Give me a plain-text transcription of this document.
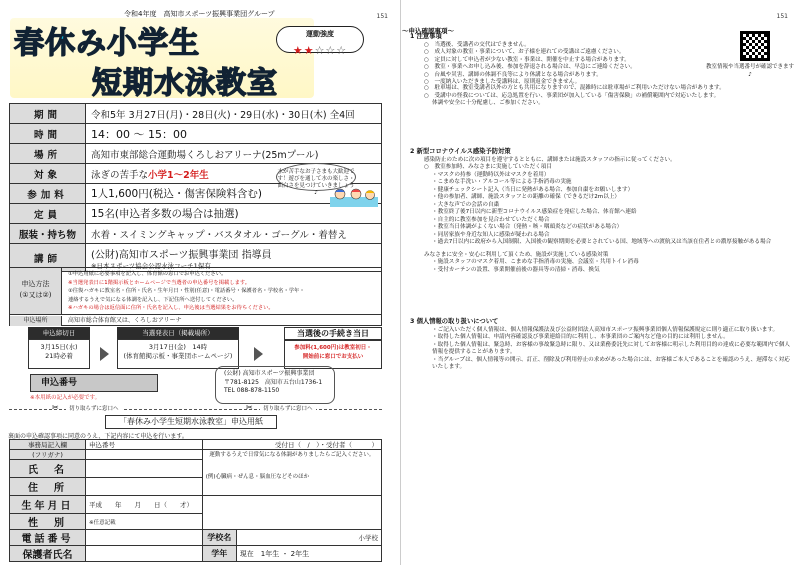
151
令和4年度　高知市スポーツ振興事業団グループ
春休み小学生
短期水泳教室
運動強度
★★☆☆☆
期間	令和5年 3月27日(月)・28日(火)・29日(水)・30日(木) 全4回
時間	14：00 ～ 15：00
場所	高知市東部総合運動場くろしおアリーナ(25mプール)
対象	泳ぎの苦手な小学1～2年生
参加料	1人1,600円(税込・傷害保険料含む)
定員	15名(申込者多数の場合は抽選)
服装・持ち物	水着・スイミングキャップ・バスタオル・ゴーグル・着替え
講師	(公財)高知市スポーツ振興事業団 指導員
※日本スポーツ協会公認水泳コーチ1保有
水が苦手なお子さまも大歓迎です！遊びを通して水の楽しさ・面白さを見つけていきましょう♪
申込方法
(①又は②)
①申込用紙に必要事項を記入し、体育館の窓口でお申込ください。
※当選発表日に1階掲示板とホームページで当選者の申込番号を掲載します。
②往復ハガキに教室名・住所・氏名・生年月日・性別(任意)・電話番号・保護者名・学校名・学年・
連絡するうえで気になる体調を記入し、下記住所へ送付してください。
※ハガキの場合は返信面に住所・氏名を記入し、申込後は当選結果をお待ちください。
申込場所	高知市総合体育館又は、くろしおアリーナ
申込締切日
3月15日(水)
21時必着
当選発表日（掲載場所）
3月17日(金)　14時
(体育館掲示板・事業団ホームページ)
当選後の手続き当日
参加料(1,600円)は教室初日・
開始前に窓口でお支払い
申込番号
※本用紙の記入が必要です。
(公財) 高知市スポーツ振興事業団
〒781-8125　高知市五台山1736-1
TEL 088-878-1150
✂	切り取らずに窓口へ	✂	切り取らずに窓口へ
「春休み小学生短期水泳教室」申込用紙
裏面の申込確認事項に同意のうえ、下記内容にて申込を行います。
事務局記入欄	申込番号	受付日（　/　）・受付者（　　　）	
(フリガナ)		運動するうえで日常気になる体調がありましたらご記入ください。
(例)心臓病・ぜん息・脳血圧などそのほか	

氏　名			
住　所			
生年月日	平成　　年　　月　　日（　　才）		
性　別	※任意記載		
電話番号		学校名	小学校
保護者氏名		学年	現在　1年生 ・ 2年生
151
～申込確認事項～
教室情報や当選番号が確認できます♪
1 注意事項
○　当選後、受講者の交代はできません。
○　成人対象の教室・事業について、お子様を連れての受講はご遠慮ください。
○　定員に対して申込者が少ない教室・事業は、開催を中止する場合があります。
○　教室・事業へお申し込み後、参加を辞退される場合は、早急にご連絡ください。
○　台風や災害、講師の体調不良等により休講となる場合があります。
○　一度納入いただきました受講料は、原則返金できません。
○　駐車場は、教室受講者以外の方とも共用になりますので、混雑時には駐車場がご利用いただけない場合があります。
○　受講中の怪我については、応急処置を行い、事業団が加入している「傷害保険」の補償範囲内で対応いたします。
体調や安全に十分配慮し、ご参加ください。
2 新型コロナウイルス感染予防対策
感染防止のために次の項目を遵守するとともに、講師または施設スタッフの指示に従ってください。
○　教室参加時、みなさまに実施していただく項目
・マスクの持参（運動時以外はマスクを着用）
・こまめな手洗い・アルコール等による手指消毒の実施
・健康チェックシート記入（当日に発熱がある場合、参加自粛をお願いします）
・他の参加者、講師、施設スタッフとの距離の確保（できるだけ2m以上）
・大きな声での会話の自粛
・教室終了後7日以内に新型コロナウイルス感染症を発症した場合、体育館へ連絡
・自主的に教室参加を見合わせていただく場合
・教室当日体調がよくない場合（発熱・咳・咽頭炎などの症状がある場合）
・同居家族や身近な知人に感染が疑われる場合
・過去7日以内に政府から入国制限、入国後の観察期間を必要とされている国、地域等への渡航又は当該在住者との濃厚接触がある場合
みなさまに安全・安心に利用して頂くため、施設が実施している感染対策
・施設スタッフのマスク着用、こまめな手指消毒の実施、会議室・共用トイレ消毒
・受付カーテンの設置、事業開催前後の器具等の清掃・消毒、換気
3 個人情報の取り扱いについて
・ご記入いただく個人情報は、個人情報保護法及び公益財団法人高知市スポーツ振興事業団個人情報保護規定に則り適正に取り扱います。
・取得した個人情報は、申請内容確認及び事業連絡目的に利用し、本事業団のご案内など他の目的には利用しません。
・取得した個人情報は、緊急時、お客様の事故緊急時に限り、又は業務委託先に対してお客様に明示した利用目的の達成に必要な範囲内で個人情報を提供することがあります。
・当グループは、個人情報等の開示、訂正、削除及び利用停止の求めがあった場合には、お客様ご本人であることを確認のうえ、遅滞なく対応いたします。
